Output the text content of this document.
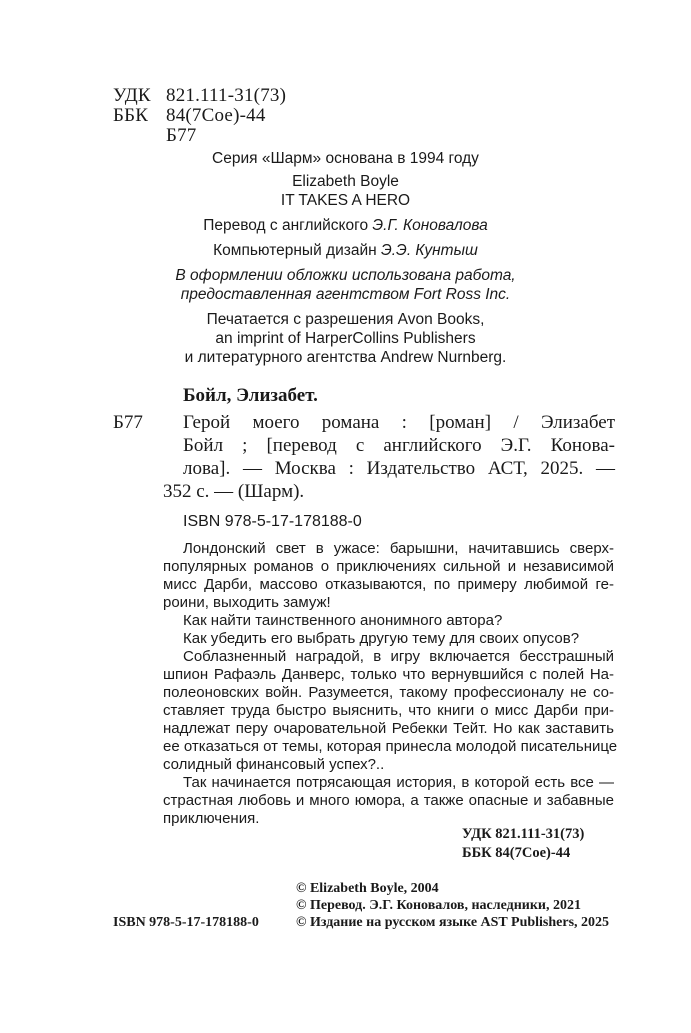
УДК 821.111-31(73)
ББК 84(7Сое)-44
Б77
Серия «Шарм» основана в 1994 году
Elizabeth Boyle
IT TAKES A HERO
Перевод с английского Э.Г. Коновалова
Компьютерный дизайн Э.Э. Кунтыш
В оформлении обложки использована работа,
предоставленная агентством Fort Ross Inc.
Печатается с разрешения Avon Books,
an imprint of HarperCollins Publishers
и литературного агентства Andrew Nurnberg.
Бойл, Элизабет.
Б77 Герой моего романа : [роман] / Элизабет
Бойл ; [перевод с английского Э.Г. Конова-
лова]. — Москва : Издательство АСТ, 2025. —
352 с. — (Шарм).
ISBN 978-5-17-178188-0
Лондонский свет в ужасе: барышни, начитавшись сверх-
популярных романов о приключениях сильной и независимой
мисс Дарби, массово отказываются, по примеру любимой ге-
роини, выходить замуж!
Как найти таинственного анонимного автора?
Как убедить его выбрать другую тему для своих опусов?
Соблазненный наградой, в игру включается бесстрашный
шпион Рафаэль Данверс, только что вернувшийся с полей На-
полеоновских войн. Разумеется, такому профессионалу не со-
ставляет труда быстро выяснить, что книги о мисс Дарби при-
надлежат перу очаровательной Ребекки Тейт. Но как заставить
ее отказаться от темы, которая принесла молодой писательнице
солидный финансовый успех?..
Так начинается потрясающая история, в которой есть все —
страстная любовь и много юмора, а также опасные и забавные
приключения.
УДК 821.111-31(73)
ББК 84(7Сое)-44
© Elizabeth Boyle, 2004
© Перевод. Э.Г. Коновалов, наследники, 2021
ISBN 978-5-17-178188-0	© Издание на русском языке AST Publishers, 2025
